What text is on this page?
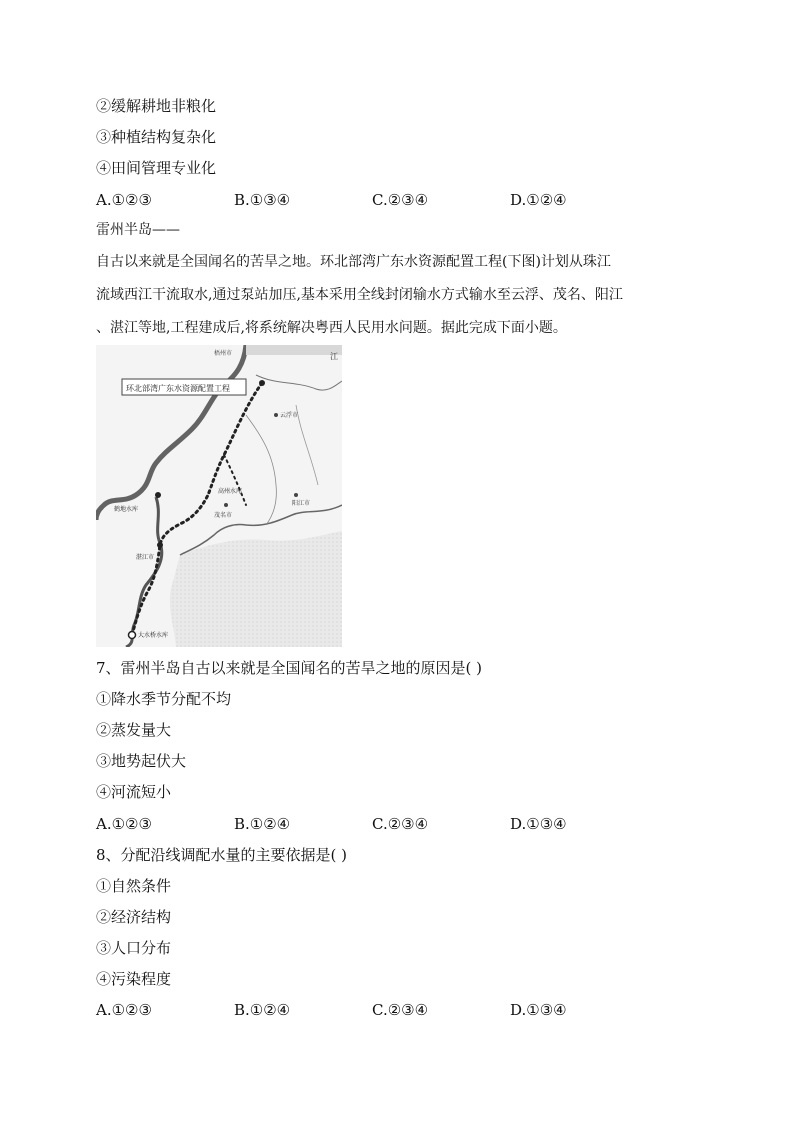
②缓解耕地非粮化
③种植结构复杂化
④田间管理专业化
A.①②③	B.①③④	C.②③④	D.①②④
雷州半岛——
自古以来就是全国闻名的苦旱之地。环北部湾广东水资源配置工程(下图)计划从珠江
流域西江干流取水,通过泵站加压,基本采用全线封闭输水方式输水至云浮、茂名、阳江
、湛江等地,工程建成后,将系统解决粤西人民用水问题。据此完成下面小题。
环北部湾广东水资源配置工程
梧州市
云浮市
高州水库
阳江市
茂名市
湛江市
鹤地水库
大水桥水库
江
7、雷州半岛自古以来就是全国闻名的苦旱之地的原因是( )
①降水季节分配不均
②蒸发量大
③地势起伏大
④河流短小
A.①②③	B.①②④	C.②③④	D.①③④
8、分配沿线调配水量的主要依据是( )
①自然条件
②经济结构
③人口分布
④污染程度
A.①②③	B.①②④	C.②③④	D.①③④
